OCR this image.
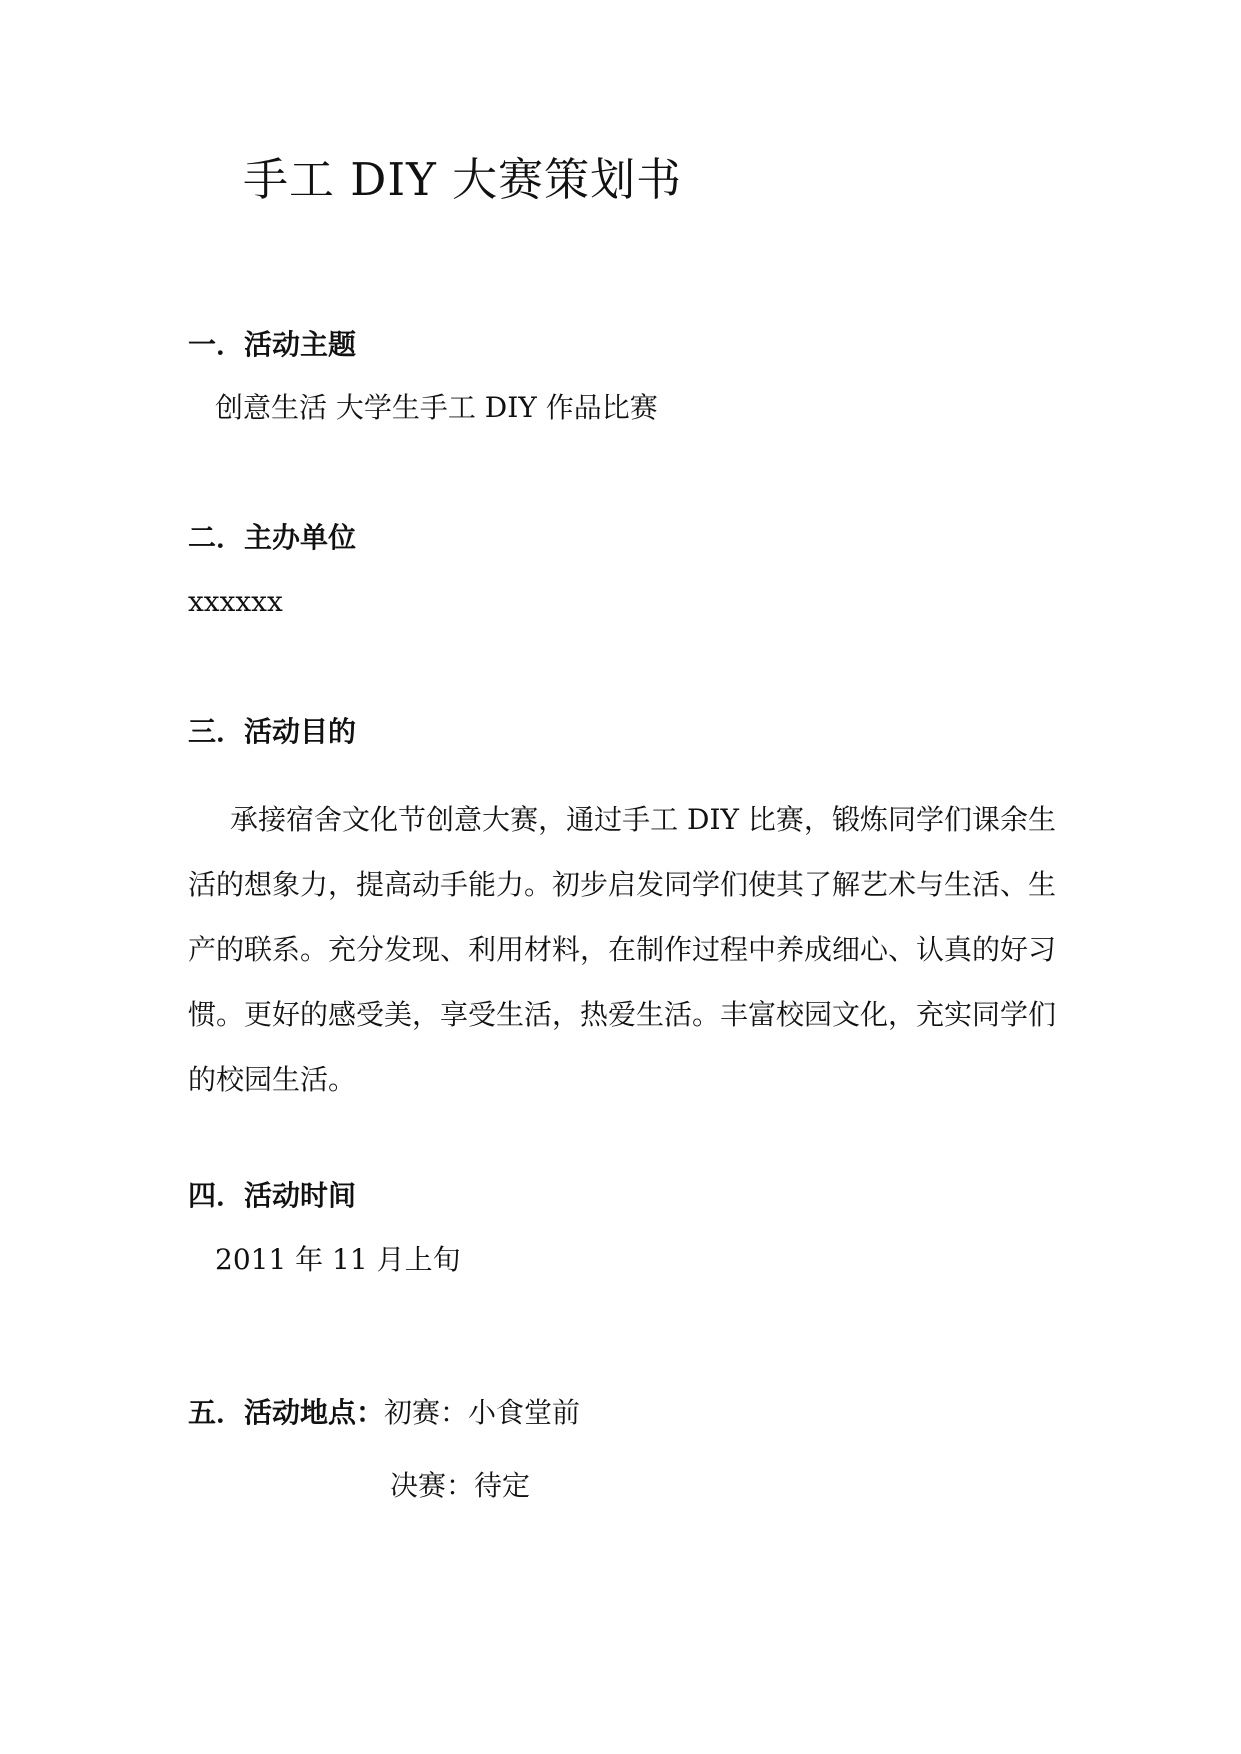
手工 DIY 大赛策划书
一．活动主题
创意生活 大学生手工 DIY 作品比赛
二．主办单位
xxxxxx
三．活动目的

承接宿舍文化节创意大赛，通过手工 DIY 比赛，锻炼同学们课余生活的想象力，提高动手能力。初步启发同学们使其了解艺术与生活、生产的联系。充分发现、利用材料，在制作过程中养成细心、认真的好习惯。更好的感受美，享受生活，热爱生活。丰富校园文化，充实同学们的校园生活。

四．活动时间
2011 年 11 月上旬
五．活动地点：初赛：小食堂前
决赛：待定
